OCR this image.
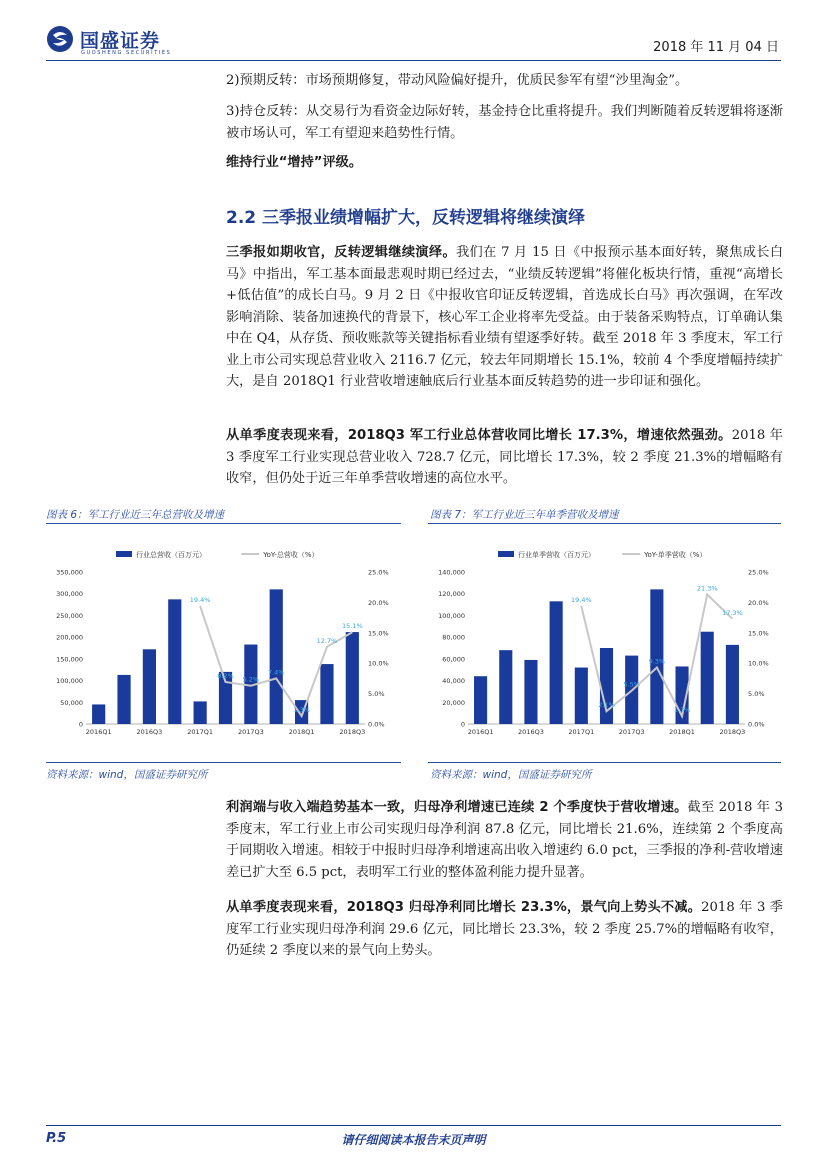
国盛证券
GUOSHENG SECURITIES	2018 年 11 月 04 日

2)预期反转：市场预期修复，带动风险偏好提升，优质民参军有望“沙里淘金”。

3)持仓反转：从交易行为看资金边际好转，基金持仓比重将提升。我们判断随着反转逻辑将逐渐被市场认可，军工有望迎来趋势性行情。

维持行业“增持”评级。

2.2 三季报业绩增幅扩大，反转逻辑将继续演绎

三季报如期收官，反转逻辑继续演绎。我们在 7 月 15 日《中报预示基本面好转，聚焦成长白马》中指出，军工基本面最悲观时期已经过去，“业绩反转逻辑”将催化板块行情，重视“高增长+低估值”的成长白马。9 月 2 日《中报收官印证反转逻辑，首选成长白马》再次强调，在军改影响消除、装备加速换代的背景下，核心军工企业将率先受益。由于装备采购特点，订单确认集中在 Q4，从存货、预收账款等关键指标看业绩有望逐季好转。截至 2018 年 3 季度末，军工行业上市公司实现总营业收入 2116.7 亿元，较去年同期增长 15.1%，较前 4 个季度增幅持续扩大，是自 2018Q1 行业营收增速触底后行业基本面反转趋势的进一步印证和强化。

从单季度表现来看，2018Q3 军工行业总体营收同比增长 17.3%，增速依然强劲。2018 年 3 季度军工行业实现总营业收入 728.7 亿元，同比增长 17.3%，较 2 季度 21.3%的增幅略有收窄，但仍处于近三年单季营收增速的高位水平。

图表 6：军工行业近三年总营收及增速
行业总营收（百万元）	YoY-总营收（%）
0
50,000
100,000
150,000
200,000
250,000
300,000
350,000
0.0%
5.0%
10.0%
15.0%
20.0%
25.0%
2016Q1	2016Q3	2017Q1	2017Q3	2018Q1	2018Q3
19.4%
8.2% 5.2%
7.4%
1.3%
12.7%
15.1%
资料来源：wind，国盛证券研究所
图表 7：军工行业近三年单季营收及增速
行业单季营收（百万元）	YoY-单季营收（%）
0
20,000
40,000
60,000
80,000
100,000
120,000
140,000
0.0%
5.0%
10.0%
15.0%
20.0%
25.0%
2016Q1	2016Q3	2017Q1	2017Q3	2018Q1	2018Q3
19.4%
2.1%
5.5%
9.3%
1.3%
21.3%
17.3%
资料来源：wind，国盛证券研究所

利润端与收入端趋势基本一致，归母净利增速已连续 2 个季度快于营收增速。截至 2018 年 3 季度末，军工行业上市公司实现归母净利润 87.8 亿元，同比增长 21.6%，连续第 2 个季度高于同期收入增速。相较于中报时归母净利增速高出收入增速约 6.0 pct，三季报的净利-营收增速差已扩大至 6.5 pct，表明军工行业的整体盈利能力提升显著。

从单季度表现来看，2018Q3 归母净利同比增长 23.3%，景气向上势头不减。2018 年 3 季度军工行业实现归母净利润 29.6 亿元，同比增长 23.3%，较 2 季度 25.7%的增幅略有收窄，仍延续 2 季度以来的景气向上势头。

P.5	请仔细阅读本报告末页声明
